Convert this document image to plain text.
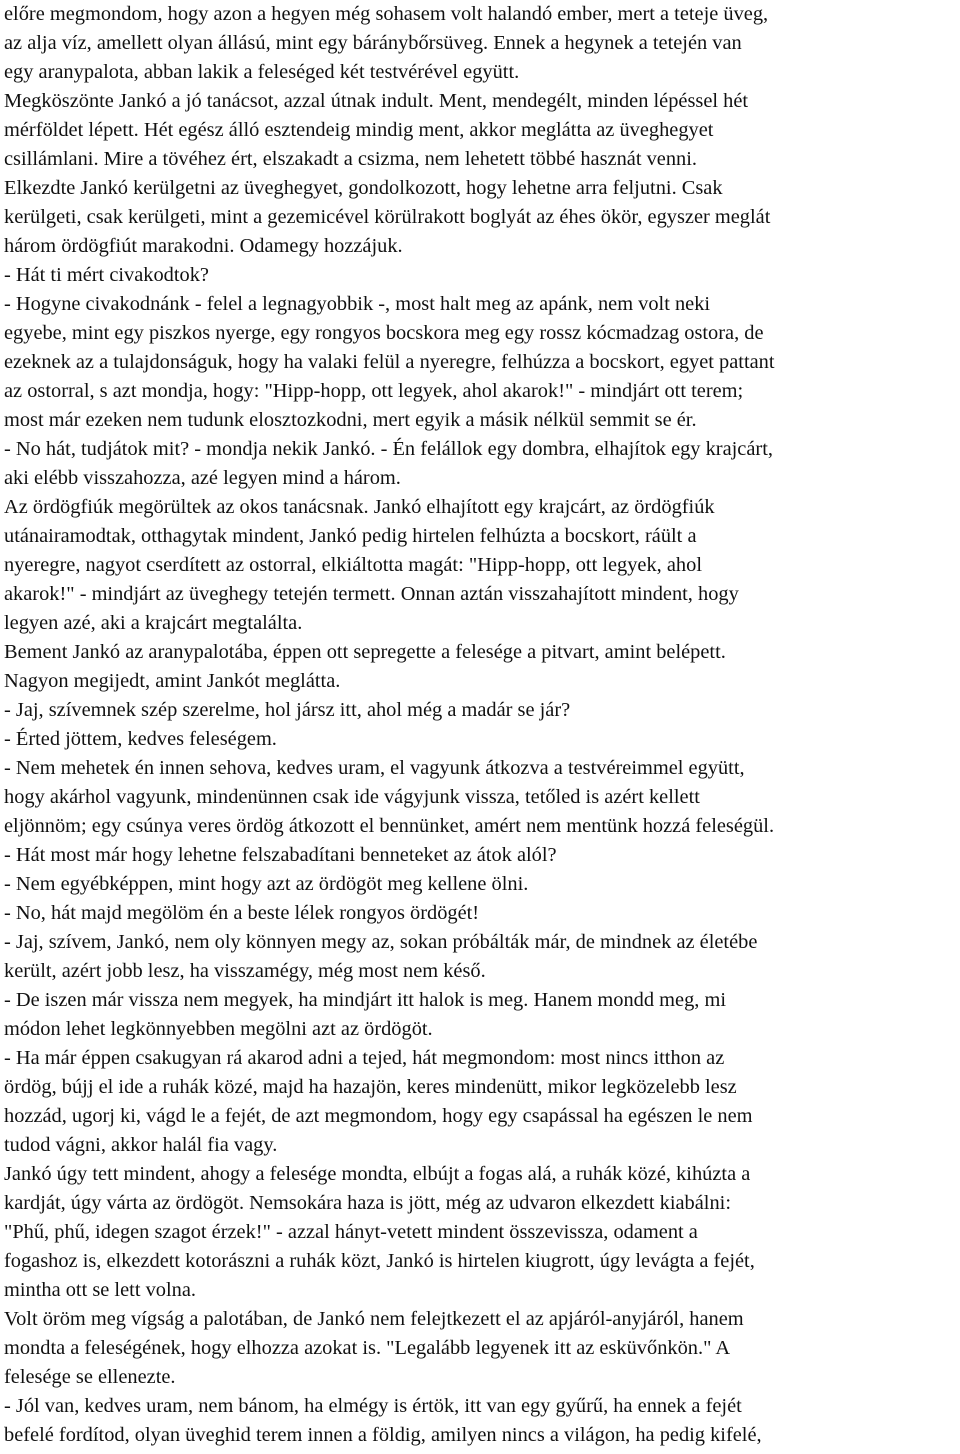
előre megmondom, hogy azon a hegyen még sohasem volt halandó ember, mert a teteje üveg,
az alja víz, amellett olyan állású, mint egy báránybőrsüveg. Ennek a hegynek a tetején van
egy aranypalota, abban lakik a feleséged két testvérével együtt.
Megköszönte Jankó a jó tanácsot, azzal útnak indult. Ment, mendegélt, minden lépéssel hét
mérföldet lépett. Hét egész álló esztendeig mindig ment, akkor meglátta az üveghegyet
csillámlani. Mire a tövéhez ért, elszakadt a csizma, nem lehetett többé hasznát venni.
Elkezdte Jankó kerülgetni az üveghegyet, gondolkozott, hogy lehetne arra feljutni. Csak
kerülgeti, csak kerülgeti, mint a gezemicével körülrakott boglyát az éhes ökör, egyszer meglát
három ördögfiút marakodni. Odamegy hozzájuk.
- Hát ti mért civakodtok?
- Hogyne civakodnánk - felel a legnagyobbik -, most halt meg az apánk, nem volt neki
egyebe, mint egy piszkos nyerge, egy rongyos bocskora meg egy rossz kócmadzag ostora, de
ezeknek az a tulajdonságuk, hogy ha valaki felül a nyeregre, felhúzza a bocskort, egyet pattant
az ostorral, s azt mondja, hogy: "Hipp-hopp, ott legyek, ahol akarok!" - mindjárt ott terem;
most már ezeken nem tudunk elosztozkodni, mert egyik a másik nélkül semmit se ér.
- No hát, tudjátok mit? - mondja nekik Jankó. - Én felállok egy dombra, elhajítok egy krajcárt,
aki elébb visszahozza, azé legyen mind a három.
Az ördögfiúk megörültek az okos tanácsnak. Jankó elhajított egy krajcárt, az ördögfiúk
utánairamodtak, otthagytak mindent, Jankó pedig hirtelen felhúzta a bocskort, ráült a
nyeregre, nagyot cserdített az ostorral, elkiáltotta magát: "Hipp-hopp, ott legyek, ahol
akarok!" - mindjárt az üveghegy tetején termett. Onnan aztán visszahajított mindent, hogy
legyen azé, aki a krajcárt megtalálta.
Bement Jankó az aranypalotába, éppen ott sepregette a felesége a pitvart, amint belépett.
Nagyon megijedt, amint Jankót meglátta.
- Jaj, szívemnek szép szerelme, hol jársz itt, ahol még a madár se jár?
- Érted jöttem, kedves feleségem.
- Nem mehetek én innen sehova, kedves uram, el vagyunk átkozva a testvéreimmel együtt,
hogy akárhol vagyunk, mindenünnen csak ide vágyjunk vissza, tetőled is azért kellett
eljönnöm; egy csúnya veres ördög átkozott el bennünket, amért nem mentünk hozzá feleségül.
- Hát most már hogy lehetne felszabadítani benneteket az átok alól?
- Nem egyébképpen, mint hogy azt az ördögöt meg kellene ölni.
- No, hát majd megölöm én a beste lélek rongyos ördögét!
- Jaj, szívem, Jankó, nem oly könnyen megy az, sokan próbálták már, de mindnek az életébe
került, azért jobb lesz, ha visszamégy, még most nem késő.
- De iszen már vissza nem megyek, ha mindjárt itt halok is meg. Hanem mondd meg, mi
módon lehet legkönnyebben megölni azt az ördögöt.
- Ha már éppen csakugyan rá akarod adni a tejed, hát megmondom: most nincs itthon az
ördög, bújj el ide a ruhák közé, majd ha hazajön, keres mindenütt, mikor legközelebb lesz
hozzád, ugorj ki, vágd le a fejét, de azt megmondom, hogy egy csapással ha egészen le nem
tudod vágni, akkor halál fia vagy.
Jankó úgy tett mindent, ahogy a felesége mondta, elbújt a fogas alá, a ruhák közé, kihúzta a
kardját, úgy várta az ördögöt. Nemsokára haza is jött, még az udvaron elkezdett kiabálni:
"Phű, phű, idegen szagot érzek!" - azzal hányt-vetett mindent összevissza, odament a
fogashoz is, elkezdett kotorászni a ruhák közt, Jankó is hirtelen kiugrott, úgy levágta a fejét,
mintha ott se lett volna.
Volt öröm meg vígság a palotában, de Jankó nem felejtkezett el az apjáról-anyjáról, hanem
mondta a feleségének, hogy elhozza azokat is. "Legalább legyenek itt az esküvőnkön." A
felesége se ellenezte.
- Jól van, kedves uram, nem bánom, ha elmégy is értök, itt van egy gyűrű, ha ennek a fejét
befelé fordítod, olyan üveghid terem innen a földig, amilyen nincs a világon, ha pedig kifelé,
